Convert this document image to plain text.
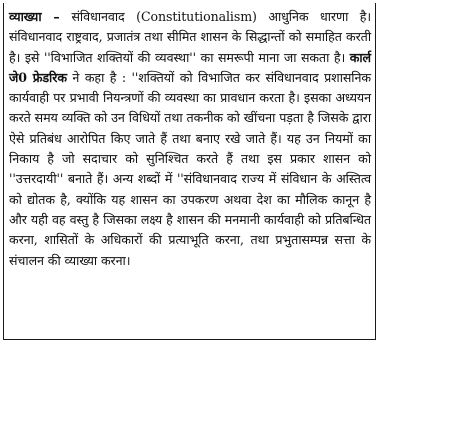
व्याख्या – संविधानवाद (Constitutionalism) आधुनिक धारणा है। संविधानवाद राष्ट्रवाद, प्रजातंत्र तथा सीमित शासन के सिद्धान्तों को समाहित करती है। इसे ''विभाजित शक्तियों की व्यवस्था'' का समरूपी माना जा सकता है। कार्ल जे0 फ्रेडरिक ने कहा है : ''शक्तियों को विभाजित कर संविधानवाद प्रशासनिक कार्यवाही पर प्रभावी नियन्त्रणों की व्यवस्था का प्रावधान करता है। इसका अध्ययन करते समय व्यक्ति को उन विधियों तथा तकनीक को खींचना पड़ता है जिसके द्वारा ऐसे प्रतिबंध आरोपित किए जाते हैं तथा बनाए रखे जाते हैं। यह उन नियमों का निकाय है जो सदाचार को सुनिश्चित करते हैं तथा इस प्रकार शासन को ''उत्तरदायी'' बनाते हैं। अन्य शब्दों में ''संविधानवाद राज्य में संविधान के अस्तित्व को द्योतक है, क्योंकि यह शासन का उपकरण अथवा देश का मौलिक कानून है और यही वह वस्तु है जिसका लक्ष्य है शासन की मनमानी कार्यवाही को प्रतिबन्धित करना, शासितों के अधिकारों की प्रत्याभूति करना, तथा प्रभुतासम्पन्न सत्ता के संचालन की व्याख्या करना।
